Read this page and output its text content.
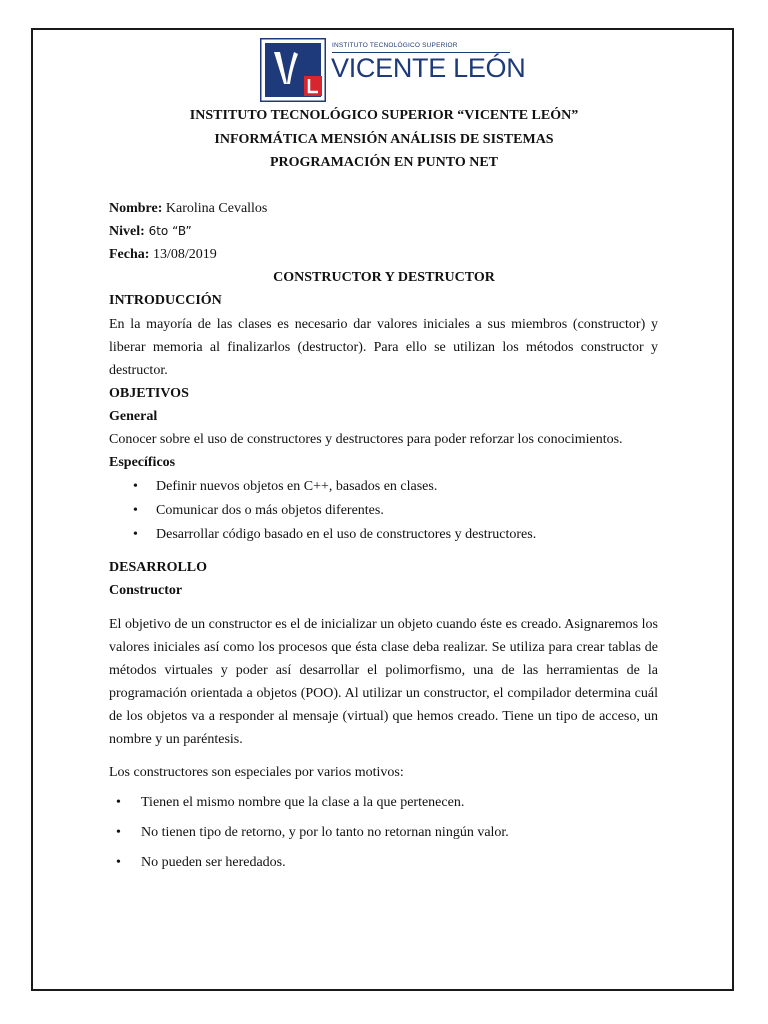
INSTITUTO TECNOLÓGICO SUPERIOR
VICENTE LEÓN
INSTITUTO TECNOLÓGICO SUPERIOR “VICENTE LEÓN”
INFORMÁTICA MENSIÓN ANÁLISIS DE SISTEMAS
PROGRAMACIÓN EN PUNTO NET
Nombre: Karolina Cevallos
Nivel: 6to “B”
Fecha: 13/08/2019
CONSTRUCTOR Y DESTRUCTOR
INTRODUCCIÓN
En la mayoría de las clases es necesario dar valores iniciales a sus miembros (constructor) y liberar memoria al finalizarlos (destructor). Para ello se utilizan los métodos constructor y destructor.
OBJETIVOS
General
Conocer sobre el uso de constructores y destructores para poder reforzar los conocimientos.
Específicos
• Definir nuevos objetos en C++, basados en clases.
• Comunicar dos o más objetos diferentes.
• Desarrollar código basado en el uso de constructores y destructores.
DESARROLLO
Constructor
El objetivo de un constructor es el de inicializar un objeto cuando éste es creado. Asignaremos los valores iniciales así como los procesos que ésta clase deba realizar. Se utiliza para crear tablas de métodos virtuales y poder así desarrollar el polimorfismo, una de las herramientas de la programación orientada a objetos (POO). Al utilizar un constructor, el compilador determina cuál de los objetos va a responder al mensaje (virtual) que hemos creado. Tiene un tipo de acceso, un nombre y un paréntesis.
Los constructores son especiales por varios motivos:
• Tienen el mismo nombre que la clase a la que pertenecen.
• No tienen tipo de retorno, y por lo tanto no retornan ningún valor.
• No pueden ser heredados.
